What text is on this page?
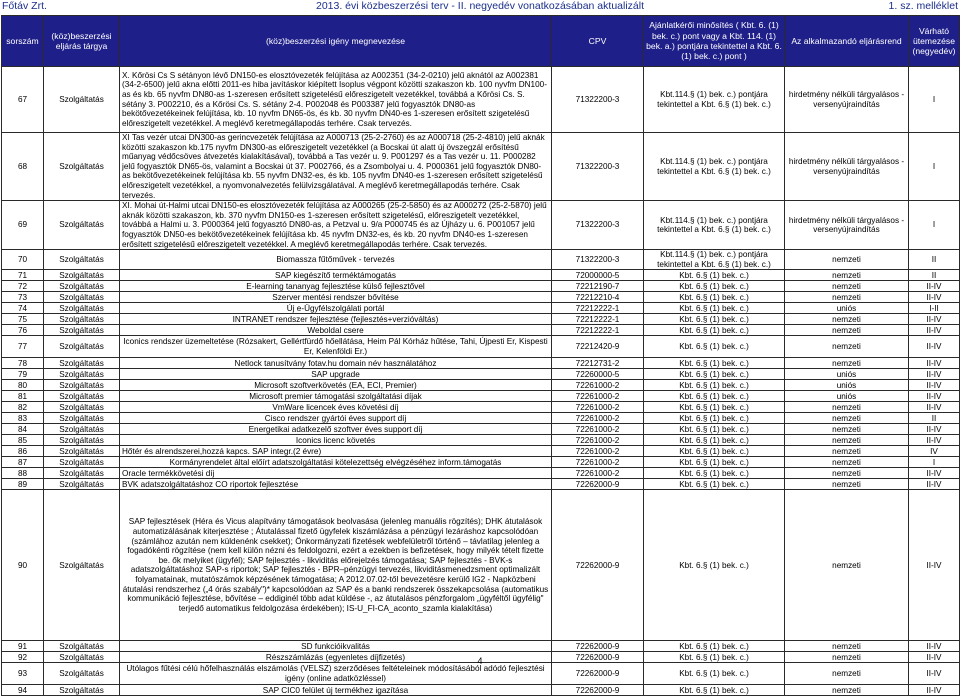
Főtáv Zrt.	2013. évi közbeszerzési terv - II. negyedév vonatkozásában aktualizált	1. sz. melléklet
sorszám	(köz)beszerzési eljárás tárgya	(köz)beszerzési igény megnevezése	CPV	Ajánlatkérői minősítés ( Kbt. 6. (1) bek. c.) pont vagy a Kbt. 114. (1) bek. a.) pontjára tekintettel a Kbt. 6. (1) bek. c.) pont )	Az alkalmazandó eljárásrend	Várható ütemezése (negyedév)
67	Szolgáltatás	X. Kőrösi Cs S sétányon lévő DN150-es elosztóvezeték felújítása az A002351 (34-2-0210) jelű aknától az A002381 (34-2-6500) jelű akna előtti 2011-es hiba javításkor kiépített Isoplus végpont közötti szakaszon kb. 100 nyvfm DN100-as és kb. 65 nyvfm DN80-as 1-szeresen erősített szigetelésű előreszigetelt vezetékkel, továbbá a Kőrösi Cs. S. sétány 3. P002210, és a Kőrösi Cs. S. sétány 2-4. P002048 és P003387 jelű fogyasztók DN80-as bekötővezetékeinek felújítása, kb. 10 nyvfm DN65-ös, és kb. 30 nyvfm DN40-es 1-szeresen erősített szigetelésű előreszigetelt vezetékkel. A meglévő keretmegállapodás terhére. Csak tervezés.	71322200-3	Kbt.114.§ (1) bek. c.) pontjára tekintettel a Kbt. 6.§ (1) bek. c.)	hirdetmény nélküli tárgyalásos - versenyújraindítás	I
68	Szolgáltatás	XI Tas vezér utcai DN300-as gerincvezeték felújítása az A000713 (25-2-2760) és az A000718 (25-2-4810) jelű aknák közötti szakaszon kb.175 nyvfm DN300-as előreszigetelt vezetékkel (a Bocskai út alatt új övszegzál erősítésű műanyag védőcsöves átvezetés kialakításával), továbbá a Tas vezér u. 9. P001297 és a Tas vezér u. 11. P000282 jelű fogyasztók DN65-ös, valamint a Bocskai út 37. P002766, és a Zsombolyai u. 4. P000361 jelű fogyasztók DN80-as bekötővezetékeinek felújítása kb. 55 nyvfm DN32-es, és kb. 105 nyvfm DN40-es 1-szeresen erősített szigetelésű előreszigetelt vezetékkel, a nyomvonalvezetés felülvizsgálatával. A meglévő keretmegállapodás terhére. Csak tervezés.	71322200-3	Kbt.114.§ (1) bek. c.) pontjára tekintettel a Kbt. 6.§ (1) bek. c.)	hirdetmény nélküli tárgyalásos - versenyújraindítás	I
69	Szolgáltatás	XI. Mohai út-Halmi utcai DN150-es elosztóvezeték felújítása az A000265 (25-2-5850) és az A000272 (25-2-5870) jelű aknák közötti szakaszon, kb. 370 nyvfm DN150-es 1-szeresen erősített szigetelésű, előreszigetelt vezetékkel, továbbá a Halmi u. 3. P000364 jelű fogyasztó DN80-as, a Petzval u. 9/a P000745 és az Újházy u. 6. P001057 jelű fogyasztók DN50-es bekötővezetékeinek felújítása kb. 45 nyvfm DN32-es, és kb. 20 nyvfm DN40-es 1-szeresen erősített szigetelésű előreszigetelt vezetékkel. A meglévő keretmegállapodás terhére. Csak tervezés.	71322200-3	Kbt.114.§ (1) bek. c.) pontjára tekintettel a Kbt. 6.§ (1) bek. c.)	hirdetmény nélküli tárgyalásos - versenyújraindítás	I
70	Szolgáltatás	Biomassza fűtőművek - tervezés	71322200-3	Kbt.114.§ (1) bek. c.) pontjára tekintettel a Kbt. 6.§ (1) bek. c.)	nemzeti	II
71	Szolgáltatás	SAP kiegészítő terméktámogatás	72000000-5	Kbt. 6.§ (1) bek. c.)	nemzeti	II
72	Szolgáltatás	E-learning tananyag fejlesztése külső fejlesztővel	72212190-7	Kbt. 6.§ (1) bek. c.)	nemzeti	II-IV
73	Szolgáltatás	Szerver mentési rendszer bővítése	72212210-4	Kbt. 6.§ (1) bek. c.)	nemzeti	II-IV
74	Szolgáltatás	Új e-Ügyfélszolgálati portál	72212222-1	Kbt. 6.§ (1) bek. c.)	uniós	I-II
75	Szolgáltatás	INTRANET rendszer fejlesztése (fejlesztés+verzióváltás)	72212222-1	Kbt. 6.§ (1) bek. c.)	nemzeti	II-IV
76	Szolgáltatás	Weboldal csere	72212222-1	Kbt. 6.§ (1) bek. c.)	nemzeti	II-IV
77	Szolgáltatás	Iconics rendszer üzemeltetése (Rózsakert, Gellértfürdő hőellátása, Heim Pál Kórház hűtése, Tahi, Újpesti Er, Kispesti Er, Kelenföldi Er.)	72212420-9	Kbt. 6.§ (1) bek. c.)	nemzeti	II-IV
78	Szolgáltatás	Netlock tanusítvány fotav.hu domain név használatához	72212731-2	Kbt. 6.§ (1) bek. c.)	nemzeti	II-IV
79	Szolgáltatás	SAP upgrade	72260000-5	Kbt. 6.§ (1) bek. c.)	uniós	II-IV
80	Szolgáltatás	Microsoft szoftverkövetés (EA, ECI, Premier)	72261000-2	Kbt. 6.§ (1) bek. c.)	uniós	II-IV
81	Szolgáltatás	Microsoft premier támogatási szolgáltatási díjak	72261000-2	Kbt. 6.§ (1) bek. c.)	uniós	II-IV
82	Szolgáltatás	VmWare licencek éves követési díj	72261000-2	Kbt. 6.§ (1) bek. c.)	nemzeti	II-IV
83	Szolgáltatás	Cisco rendszer gyártói éves support díj	72261000-2	Kbt. 6.§ (1) bek. c.)	nemzeti	II
84	Szolgáltatás	Energetikai adatkezelő szoftver éves support díj	72261000-2	Kbt. 6.§ (1) bek. c.)	nemzeti	II-IV
85	Szolgáltatás	Iconics licenc követés	72261000-2	Kbt. 6.§ (1) bek. c.)	nemzeti	II-IV
86	Szolgáltatás	Hőtér és alrendszerei,hozzá kapcs. SAP integr.(2 évre)	72261000-2	Kbt. 6.§ (1) bek. c.)	nemzeti	IV
87	Szolgáltatás	Kormányrendelet által előírt adatszolgáltatási kötelezettség elvégzéséhez inform.támogatás	72261000-2	Kbt. 6.§ (1) bek. c.)	nemzeti	I
88	Szolgáltatás	Oracle termékkövetési díj	72261000-2	Kbt. 6.§ (1) bek. c.)	nemzeti	II-IV
89	Szolgáltatás	BVK adatszolgáltatáshoz CO riportok fejlesztése	72262000-9	Kbt. 6.§ (1) bek. c.)	nemzeti	II-IV
90	Szolgáltatás	SAP fejlesztések (Héra és Vicus alapítvány támogatások beolvasása (jelenleg manuális rögzítés); DHK átutalások automatizálásának kiterjesztése ; Átutalással fizető ügyfelek kiszámlázása a pénzügyi lezáráshoz kapcsolódóan (számlához azután nem küldenénk csekket); Önkormányzati fizetések webfelületről történő – távlatilag jelenleg a fogadókénti rögzítése (nem kell külön nézni és feldolgozni, ezért a ezekben is befizetések, hogy milyék tételt fizette be. ők melyiket (ügyfél); SAP fejlesztés - likviditás előrejelzés támogatása; SAP fejlesztés - BVK-s adatszolgáltatáshoz SAP-s riportok; SAP fejlesztés - BPR–pénzügyi tervezés, likviditásmenedzsment optimalizált folyamatainak, mutatószámok képzésének támogatása; A 2012.07.02-től bevezetésre kerülő IG2 - Napközbeni átutalási rendszerhez („4 órás szabály")* kapcsolódóan az SAP és a banki rendszerek összekapcsolása (automatikus kommunikáció fejlesztése, bővítése – eddiginél több adat küldése -, az átutalásos pénzforgalom „ügyféltől ügyfélig" terjedő automatikus feldolgozása érdekében); IS-U_FI-CA_aconto_szamla kialakítása)	72262000-9	Kbt. 6.§ (1) bek. c.)	nemzeti	II-IV
91	Szolgáltatás	SD funkcióikvalitás	72262000-9	Kbt. 6.§ (1) bek. c.)	nemzeti	II-IV
92	Szolgáltatás	Részszámlázás (egyenletes díjfizetés)	72262000-9	Kbt. 6.§ (1) bek. c.)	nemzeti	II-IV
93	Szolgáltatás	Utólagos fűtési célú hőfelhasználás elszámolás (VELSZ) szerződéses feltételeinek módosításából adódó fejlesztési igény (online adatközléssel)	72262000-9	Kbt. 6.§ (1) bek. c.)	nemzeti	II-IV
94	Szolgáltatás	SAP CIC0 felület új termékhez igazítása	72262000-9	Kbt. 6.§ (1) bek. c.)	nemzeti	II-IV
4
